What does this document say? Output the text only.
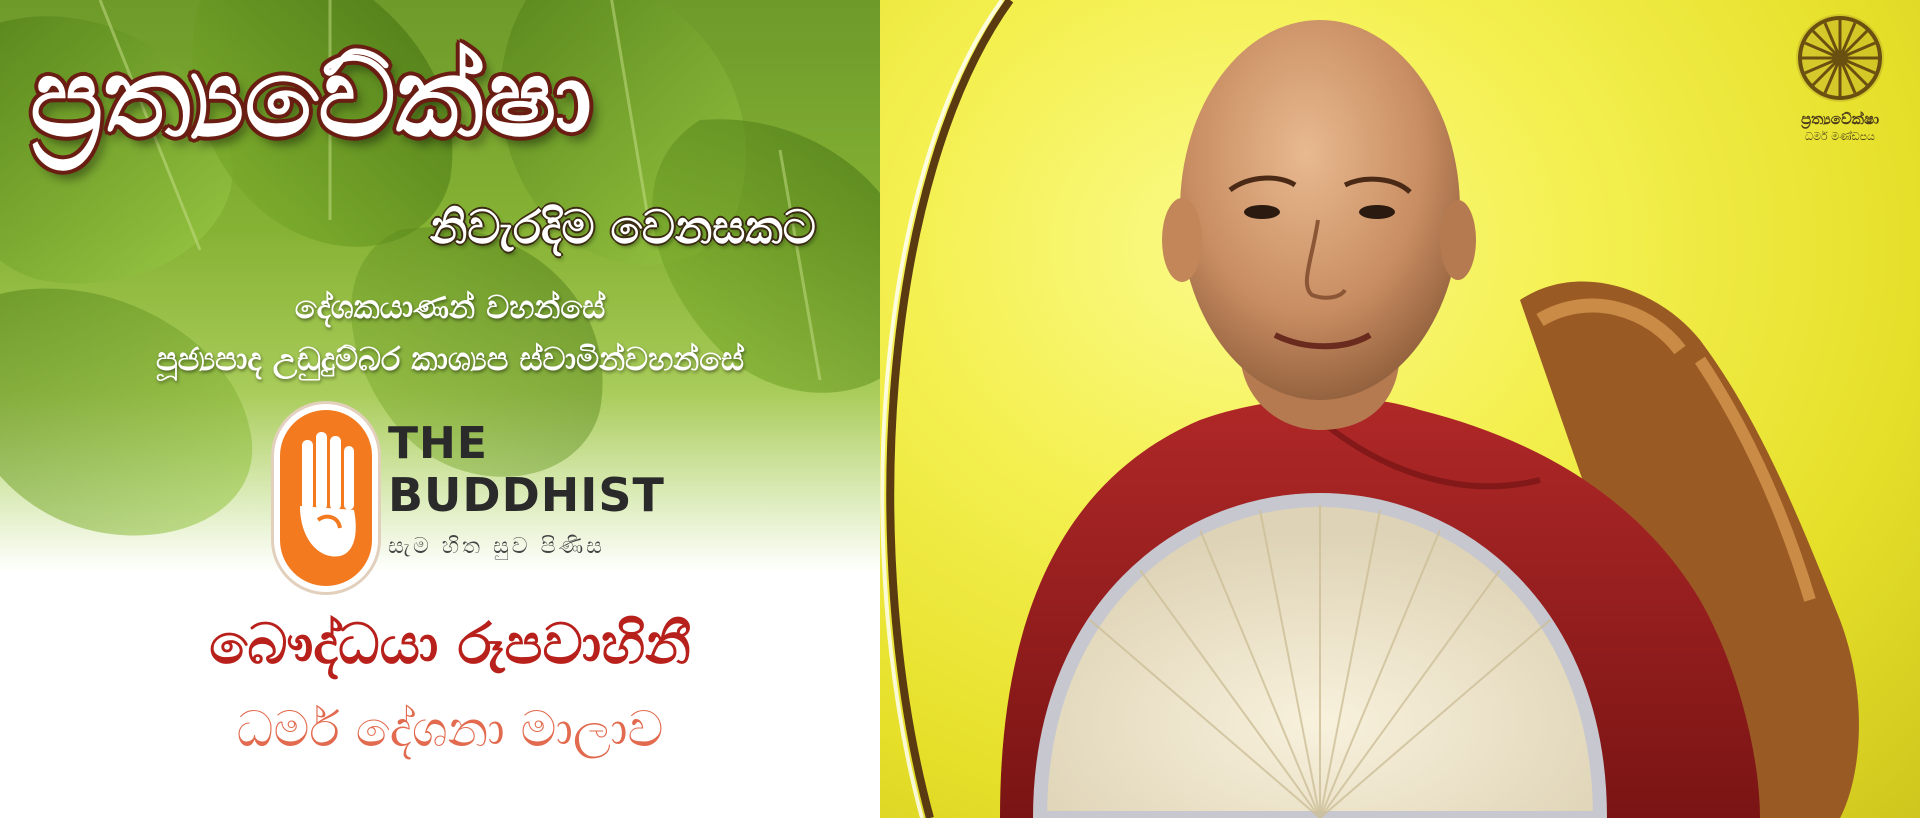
ප්‍රත්‍යවේක්ෂා
නිවැරදිම වෙනසකට
දේශකයාණන් වහන්සේ
පූජ්‍යපාද උඩුදුම්බර කාශ්‍යප ස්වාමින්වහන්සේ
THE
BUDDHIST
සැම හිත සුව පිණිස
බෞද්ධයා රූපවාහිනී
ධර්ම දේශනා මාලාව
ප්‍රත්‍යවේක්ෂා
ධර්ම මණ්ඩපය
